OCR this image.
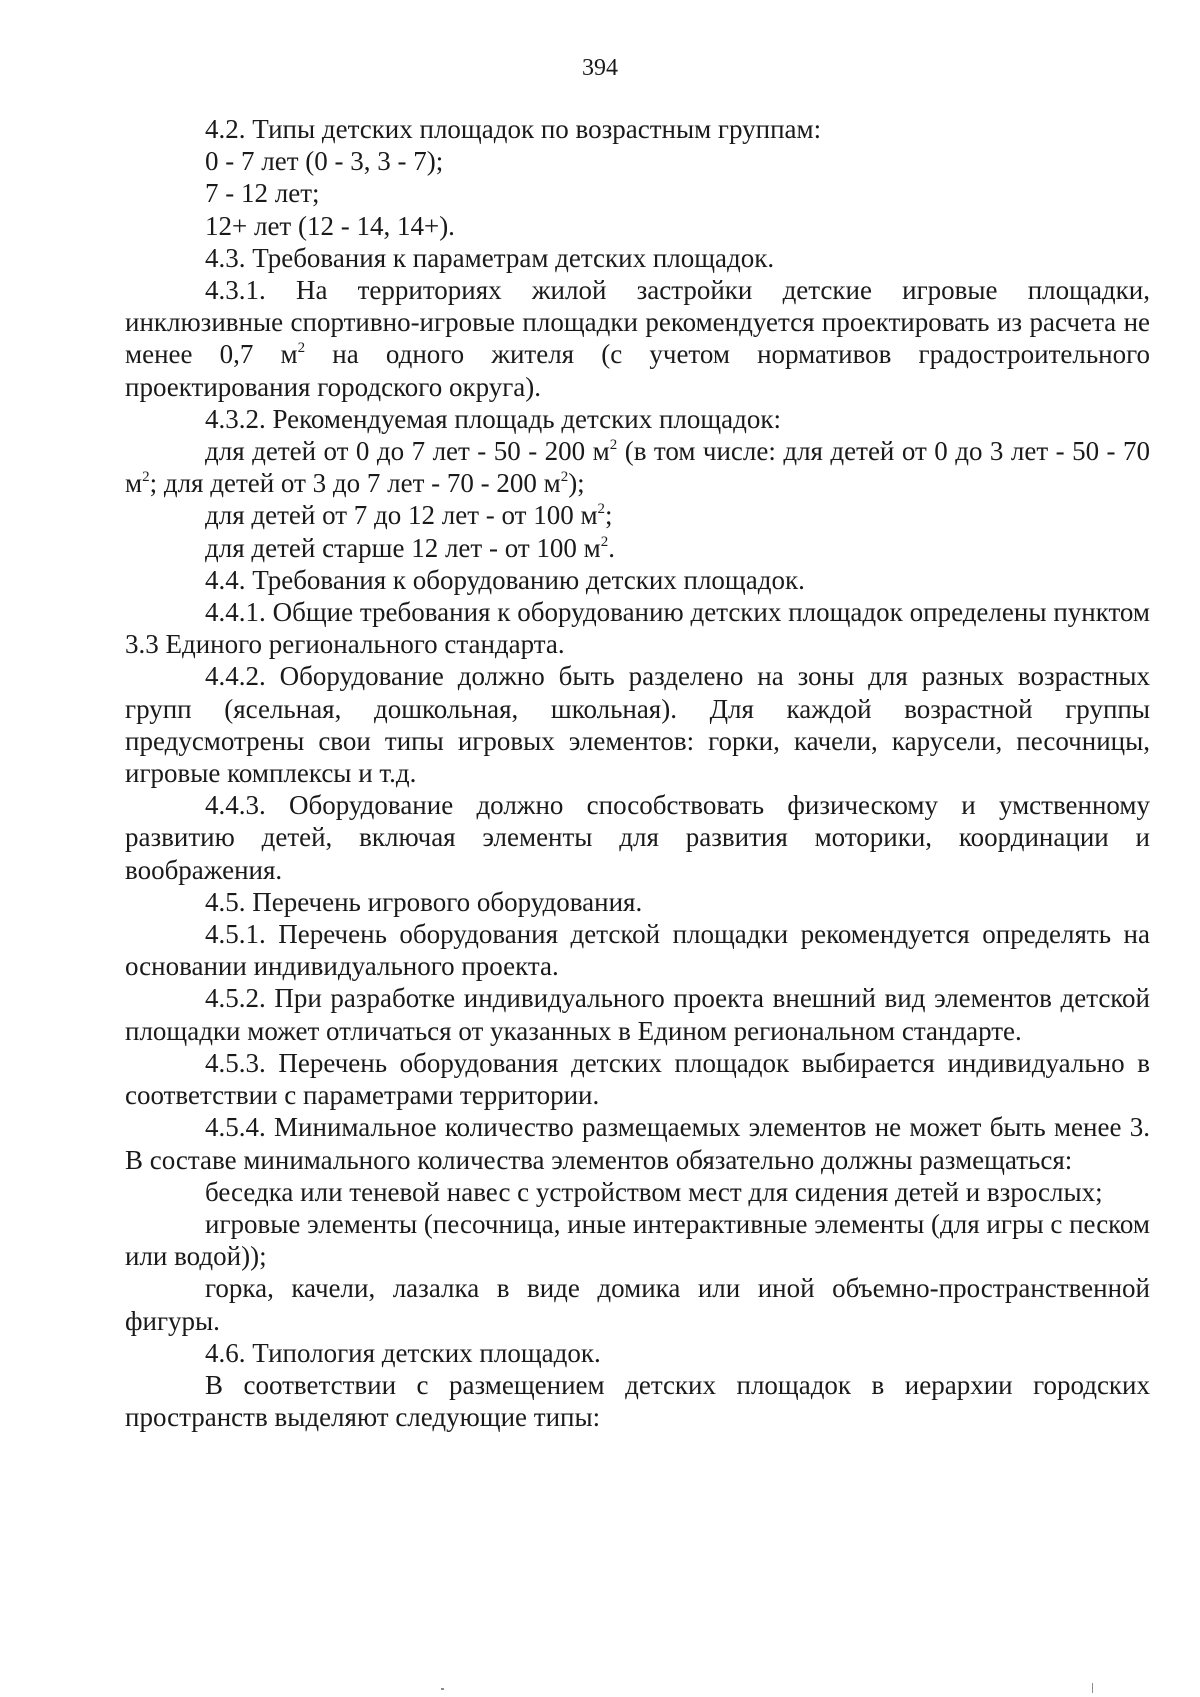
394

4.2. Типы детских площадок по возрастным группам:

0 - 7 лет (0 - 3, 3 - 7);

7 - 12 лет;

12+ лет (12 - 14, 14+).

4.3. Требования к параметрам детских площадок.

4.3.1. На территориях жилой застройки детские игровые площадки, инклюзивные спортивно-игровые площадки рекомендуется проектировать из расчета не менее 0,7 $м^2$ на одного жителя (с учетом нормативов градостроительного проектирования городского округа).

4.3.2. Рекомендуемая площадь детских площадок:

для детей от 0 до 7 лет - 50 - 200 $м^2$ (в том числе: для детей от 0 до 3 лет - 50 - 70 $м^2$; для детей от 3 до 7 лет - 70 - 200 $м^2$);

для детей от 7 до 12 лет - от 100 $м^2$;

для детей старше 12 лет - от 100 $м^2$.

4.4. Требования к оборудованию детских площадок.

4.4.1. Общие требования к оборудованию детских площадок определены пунктом 3.3 Единого регионального стандарта.

4.4.2. Оборудование должно быть разделено на зоны для разных возрастных групп (ясельная, дошкольная, школьная). Для каждой возрастной группы предусмотрены свои типы игровых элементов: горки, качели, карусели, песочницы, игровые комплексы и т.д.

4.4.3. Оборудование должно способствовать физическому и умственному развитию детей, включая элементы для развития моторики, координации и воображения.

4.5. Перечень игрового оборудования.

4.5.1. Перечень оборудования детской площадки рекомендуется определять на основании индивидуального проекта.

4.5.2. При разработке индивидуального проекта внешний вид элементов детской площадки может отличаться от указанных в Едином региональном стандарте.

4.5.3. Перечень оборудования детских площадок выбирается индивидуально в соответствии с параметрами территории.

4.5.4. Минимальное количество размещаемых элементов не может быть менее 3. В составе минимального количества элементов обязательно должны размещаться:

беседка или теневой навес с устройством мест для сидения детей и взрослых;

игровые элементы (песочница, иные интерактивные элементы (для игры с песком или водой));

горка, качели, лазалка в виде домика или иной объемно-пространственной фигуры.

4.6. Типология детских площадок.

В соответствии с размещением детских площадок в иерархии городских пространств выделяют следующие типы:
